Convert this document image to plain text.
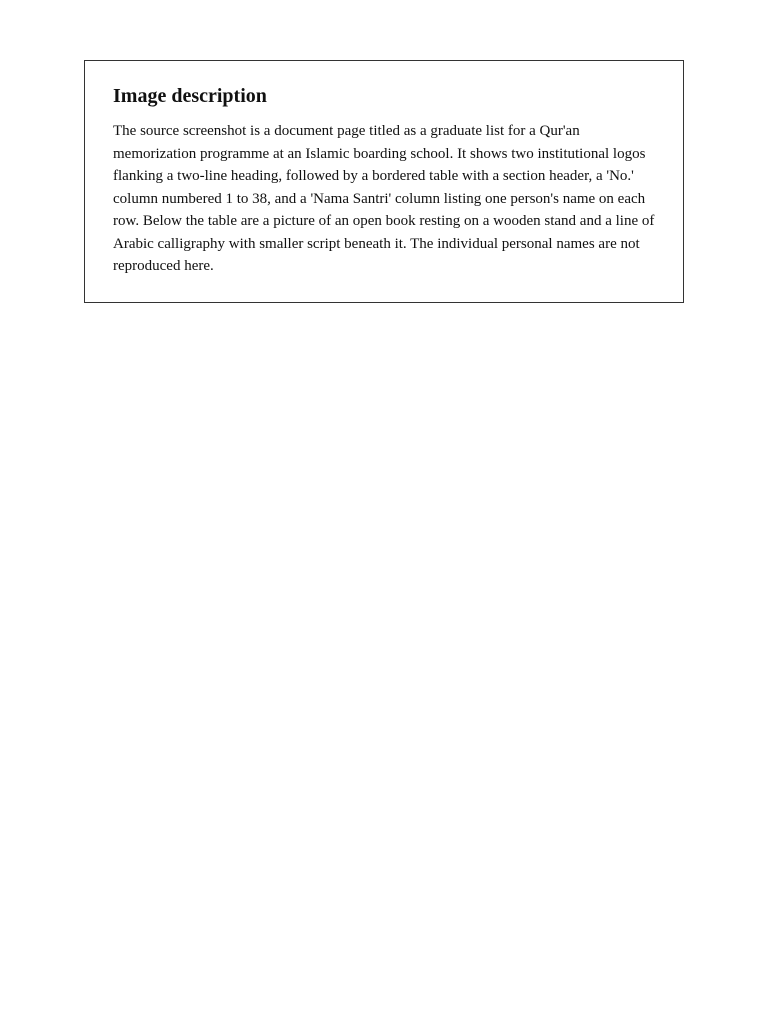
Image description

The source screenshot is a document page titled as a graduate list for a Qur'an memorization programme at an Islamic boarding school. It shows two institutional logos flanking a two-line heading, followed by a bordered table with a section header, a 'No.' column numbered 1 to 38, and a 'Nama Santri' column listing one person's name on each row. Below the table are a picture of an open book resting on a wooden stand and a line of Arabic calligraphy with smaller script beneath it. The individual personal names are not reproduced here.
